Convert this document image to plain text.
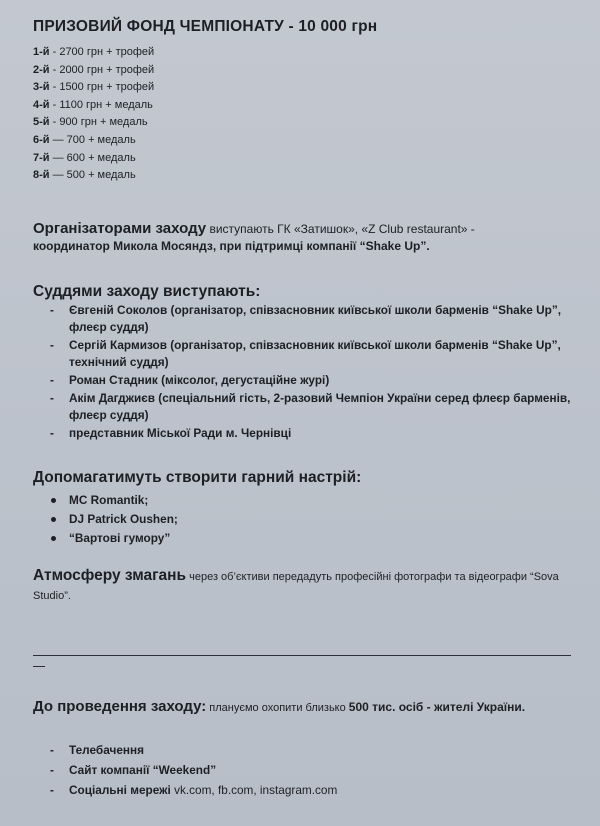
ПРИЗОВИЙ ФОНД ЧЕМПІОНАТУ - 10 000 грн
1-й - 2700 грн + трофей
2-й - 2000 грн + трофей
3-й - 1500 грн + трофей
4-й - 1100 грн + медаль
5-й - 900 грн + медаль
6-й — 700 + медаль
7-й — 600 + медаль
8-й — 500 + медаль
Організаторами заходу виступають ГК «Затишок», «Z Club restaurant» -
координатор Микола Мосяндз, при підтримці компанії “Shake Up”.
Суддями заходу виступають:
- Євгеній Соколов (організатор, співзасновник київської школи барменів “Shake Up”, флеєр суддя)
- Сергій Кармизов (організатор, співзасновник київської школи барменів “Shake Up”, технічний суддя)
- Роман Стадник (міксолог, дегустаційне журі)
- Акім Дагджиєв (спеціальний гість, 2-разовий Чемпіон України серед флеєр барменів, флеєр суддя)
- представник Міської Ради м. Чернівці
Допомагатимуть створити гарний настрій:
MC Romantik;
DJ Patrick Oushen;
“Вартові гумору”
Атмосферу змагань через об’єктиви передадуть професійні фотографи та відеографи “Sova Studio”.
До проведення заходу: плануємо охопити близько 500 тис. осіб - жителі України.
- Телебачення
- Сайт компанії “Weekend”
- Соціальні мережі vk.com, fb.com, instagram.com
